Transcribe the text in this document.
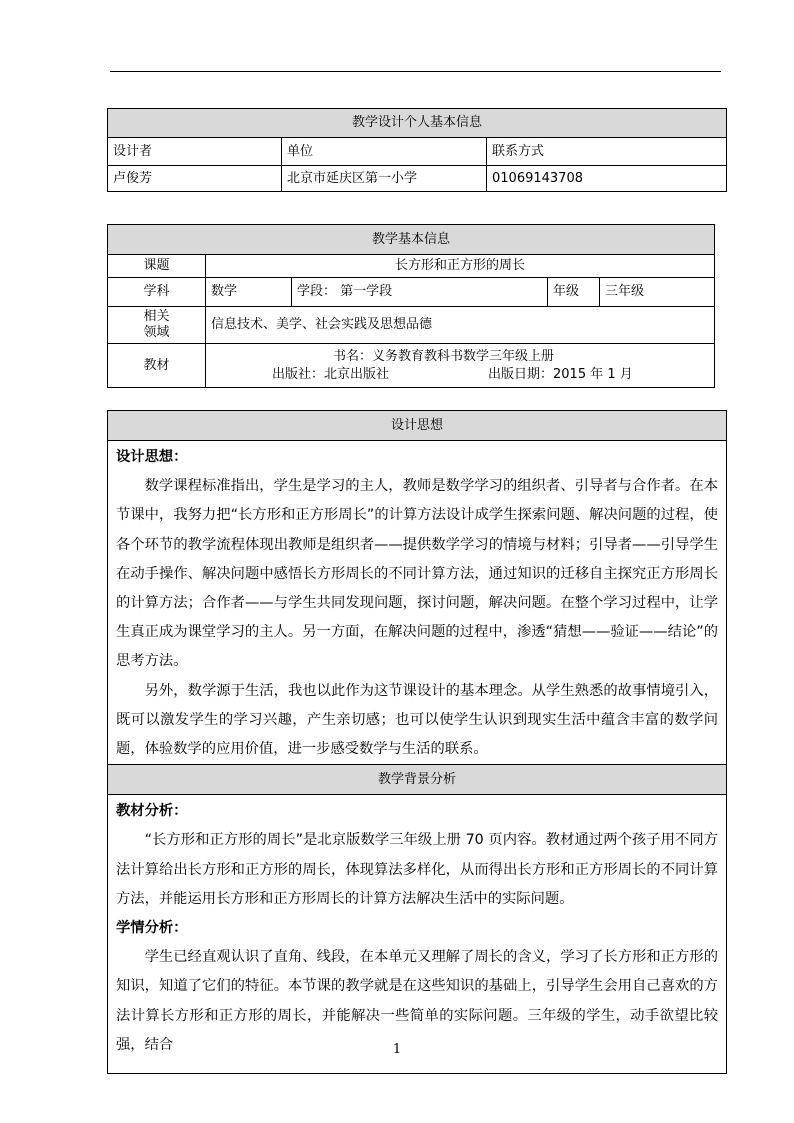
教学设计个人基本信息		
设计者	单位	联系方式
卢俊芳	北京市延庆区第一小学	01069143708
教学基本信息				
课题	长方形和正方形的周长			
学科	数学	学段： 第一学段	年级	三年级
相关
领域	信息技术、美学、社会实践及思想品德			
教材	书名：义务教育教科书数学三年级上册
出版社：北京出版社 出版日期：2015 年 1 月			
设计思想

设计思想：

数学课程标准指出，学生是学习的主人，教师是数学学习的组织者、引导者与合作者。在本节课中，我努力把“长方形和正方形周长”的计算方法设计成学生探索问题、解决问题的过程，使各个环节的教学流程体现出教师是组织者——提供数学学习的情境与材料；引导者——引导学生在动手操作、解决问题中感悟长方形周长的不同计算方法，通过知识的迁移自主探究正方形周长的计算方法；合作者——与学生共同发现问题，探讨问题，解决问题。在整个学习过程中，让学生真正成为课堂学习的主人。另一方面，在解决问题的过程中，渗透“猜想——验证——结论”的思考方法。

另外，数学源于生活，我也以此作为这节课设计的基本理念。从学生熟悉的故事情境引入，既可以激发学生的学习兴趣，产生亲切感；也可以使学生认识到现实生活中蕴含丰富的数学问题，体验数学的应用价值，进一步感受数学与生活的联系。

教学背景分析

教材分析：

“长方形和正方形的周长”是北京版数学三年级上册 70 页内容。教材通过两个孩子用不同方法计算给出长方形和正方形的周长，体现算法多样化，从而得出长方形和正方形周长的不同计算方法，并能运用长方形和正方形周长的计算方法解决生活中的实际问题。

学情分析：

学生已经直观认识了直角、线段，在本单元又理解了周长的含义，学习了长方形和正方形的知识，知道了它们的特征。本节课的教学就是在这些知识的基础上，引导学生会用自己喜欢的方法计算长方形和正方形的周长，并能解决一些简单的实际问题。三年级的学生，动手欲望比较强，结合	1
